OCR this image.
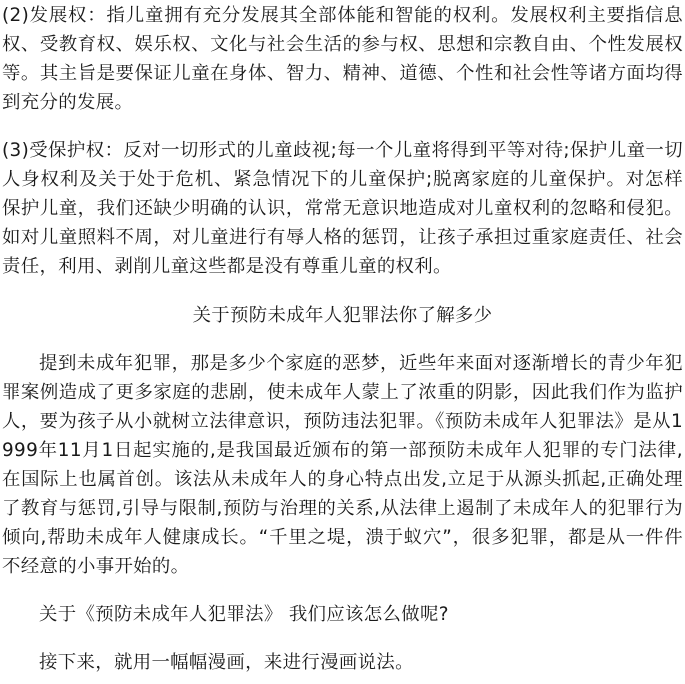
(2)发展权：指儿童拥有充分发展其全部体能和智能的权利。发展权利主要指信息权、受教育权、娱乐权、文化与社会生活的参与权、思想和宗教自由、个性发展权等。其主旨是要保证儿童在身体、智力、精神、道德、个性和社会性等诸方面均得到充分的发展。

(3)受保护权：反对一切形式的儿童歧视;每一个儿童将得到平等对待;保护儿童一切人身权利及关于处于危机、紧急情况下的儿童保护;脱离家庭的儿童保护。对怎样保护儿童，我们还缺少明确的认识，常常无意识地造成对儿童权利的忽略和侵犯。如对儿童照料不周，对儿童进行有辱人格的惩罚，让孩子承担过重家庭责任、社会责任，利用、剥削儿童这些都是没有尊重儿童的权利。

关于预防未成年人犯罪法你了解多少

提到未成年犯罪，那是多少个家庭的恶梦，近些年来面对逐渐增长的青少年犯罪案例造成了更多家庭的悲剧，使未成年人蒙上了浓重的阴影，因此我们作为监护人，要为孩子从小就树立法律意识，预防违法犯罪。《预防未成年人犯罪法》是从1999年11月1日起实施的,是我国最近颁布的第一部预防未成年人犯罪的专门法律,在国际上也属首创。该法从未成年人的身心特点出发,立足于从源头抓起,正确处理了教育与惩罚,引导与限制,预防与治理的关系,从法律上遏制了未成年人的犯罪行为倾向,帮助未成年人健康成长。“千里之堤，溃于蚁穴”，很多犯罪，都是从一件件不经意的小事开始的。

关于《预防未成年人犯罪法》 我们应该怎么做呢?

接下来，就用一幅幅漫画，来进行漫画说法。
